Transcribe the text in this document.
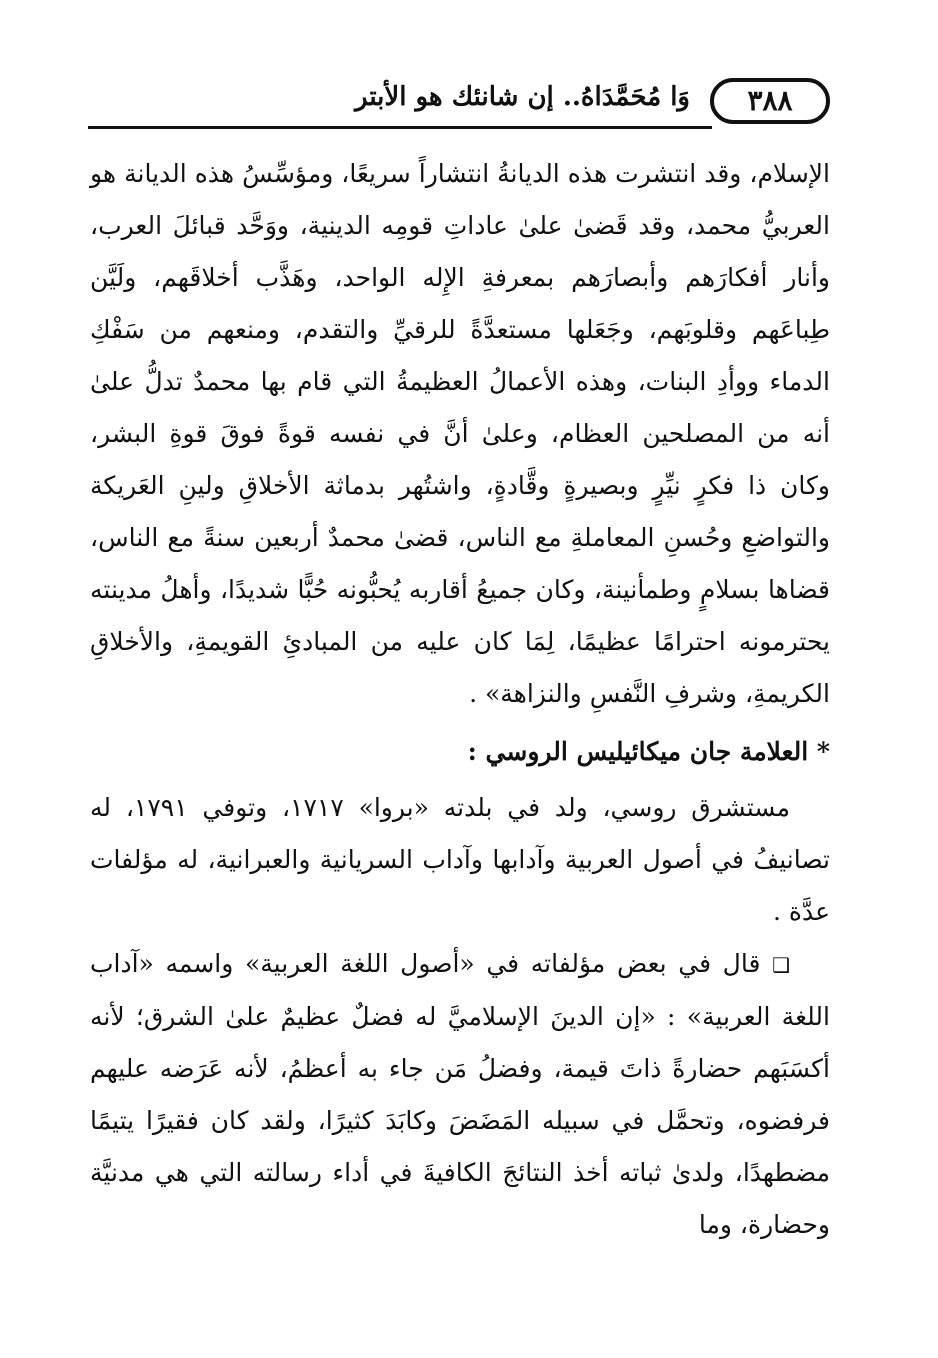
٣٨٨
وَا مُحَمَّدَاهُ.. إن شانئك هو الأبتر

الإسلام، وقد انتشرت هذه الديانةُ انتشاراً سريعًا، ومؤسِّسُ هذه الديانة هو العربيُّ محمد، وقد قَضىٰ علىٰ عاداتِ قومِه الدينية، ووَحَّد قبائلَ العرب، وأنار أفكارَهم وأبصارَهم بمعرفةِ الإِله الواحد، وهَذَّب أخلاقَهم، ولَيَّن طِباعَهم وقلوبَهم، وجَعَلها مستعدَّةً للرقيِّ والتقدم، ومنعهم من سَفْكِ الدماء ووأدِ البنات، وهذه الأعمالُ العظيمةُ التي قام بها محمدٌ تدلُّ علىٰ أنه من المصلحين العظام، وعلىٰ أنَّ في نفسه قوةً فوقَ قوةِ البشر، وكان ذا فكرٍ نيِّرٍ وبصيرةٍ وقَّادةٍ، واشتُهر بدماثة الأخلاقِ ولينِ العَريكة والتواضعِ وحُسنِ المعاملةِ مع الناس، قضىٰ محمدٌ أربعين سنةً مع الناس، قضاها بسلامٍ وطمأنينة، وكان جميعُ أقاربه يُحبُّونه حُبًّا شديدًا، وأهلُ مدينته يحترمونه احترامًا عظيمًا، لِمَا كان عليه من المبادئِ القويمةِ، والأخلاقِ الكريمةِ، وشرفِ النَّفسِ والنزاهة» .

* العلامة جان ميكائيليس الروسي :

مستشرق روسي، ولد في بلدته «بروا» ١٧١٧، وتوفي ١٧٩١، له تصانيفُ في أصول العربية وآدابها وآداب السريانية والعبرانية، له مؤلفات عدَّة .

❑ قال في بعض مؤلفاته في «أصول اللغة العربية» واسمه «آداب اللغة العربية» : «إن الدينَ الإسلاميَّ له فضلٌ عظيمٌ علىٰ الشرق؛ لأنه أكسَبَهم حضارةً ذاتَ قيمة، وفضلُ مَن جاء به أعظمُ، لأنه عَرَضه عليهم فرفضوه، وتحمَّل في سبيله المَضَضَ وكابَدَ كثيرًا، ولقد كان فقيرًا يتيمًا مضطهدًا، ولدىٰ ثباته أخذ النتائجَ الكافيةَ في أداء رسالته التي هي مدنيَّة وحضارة، وما
